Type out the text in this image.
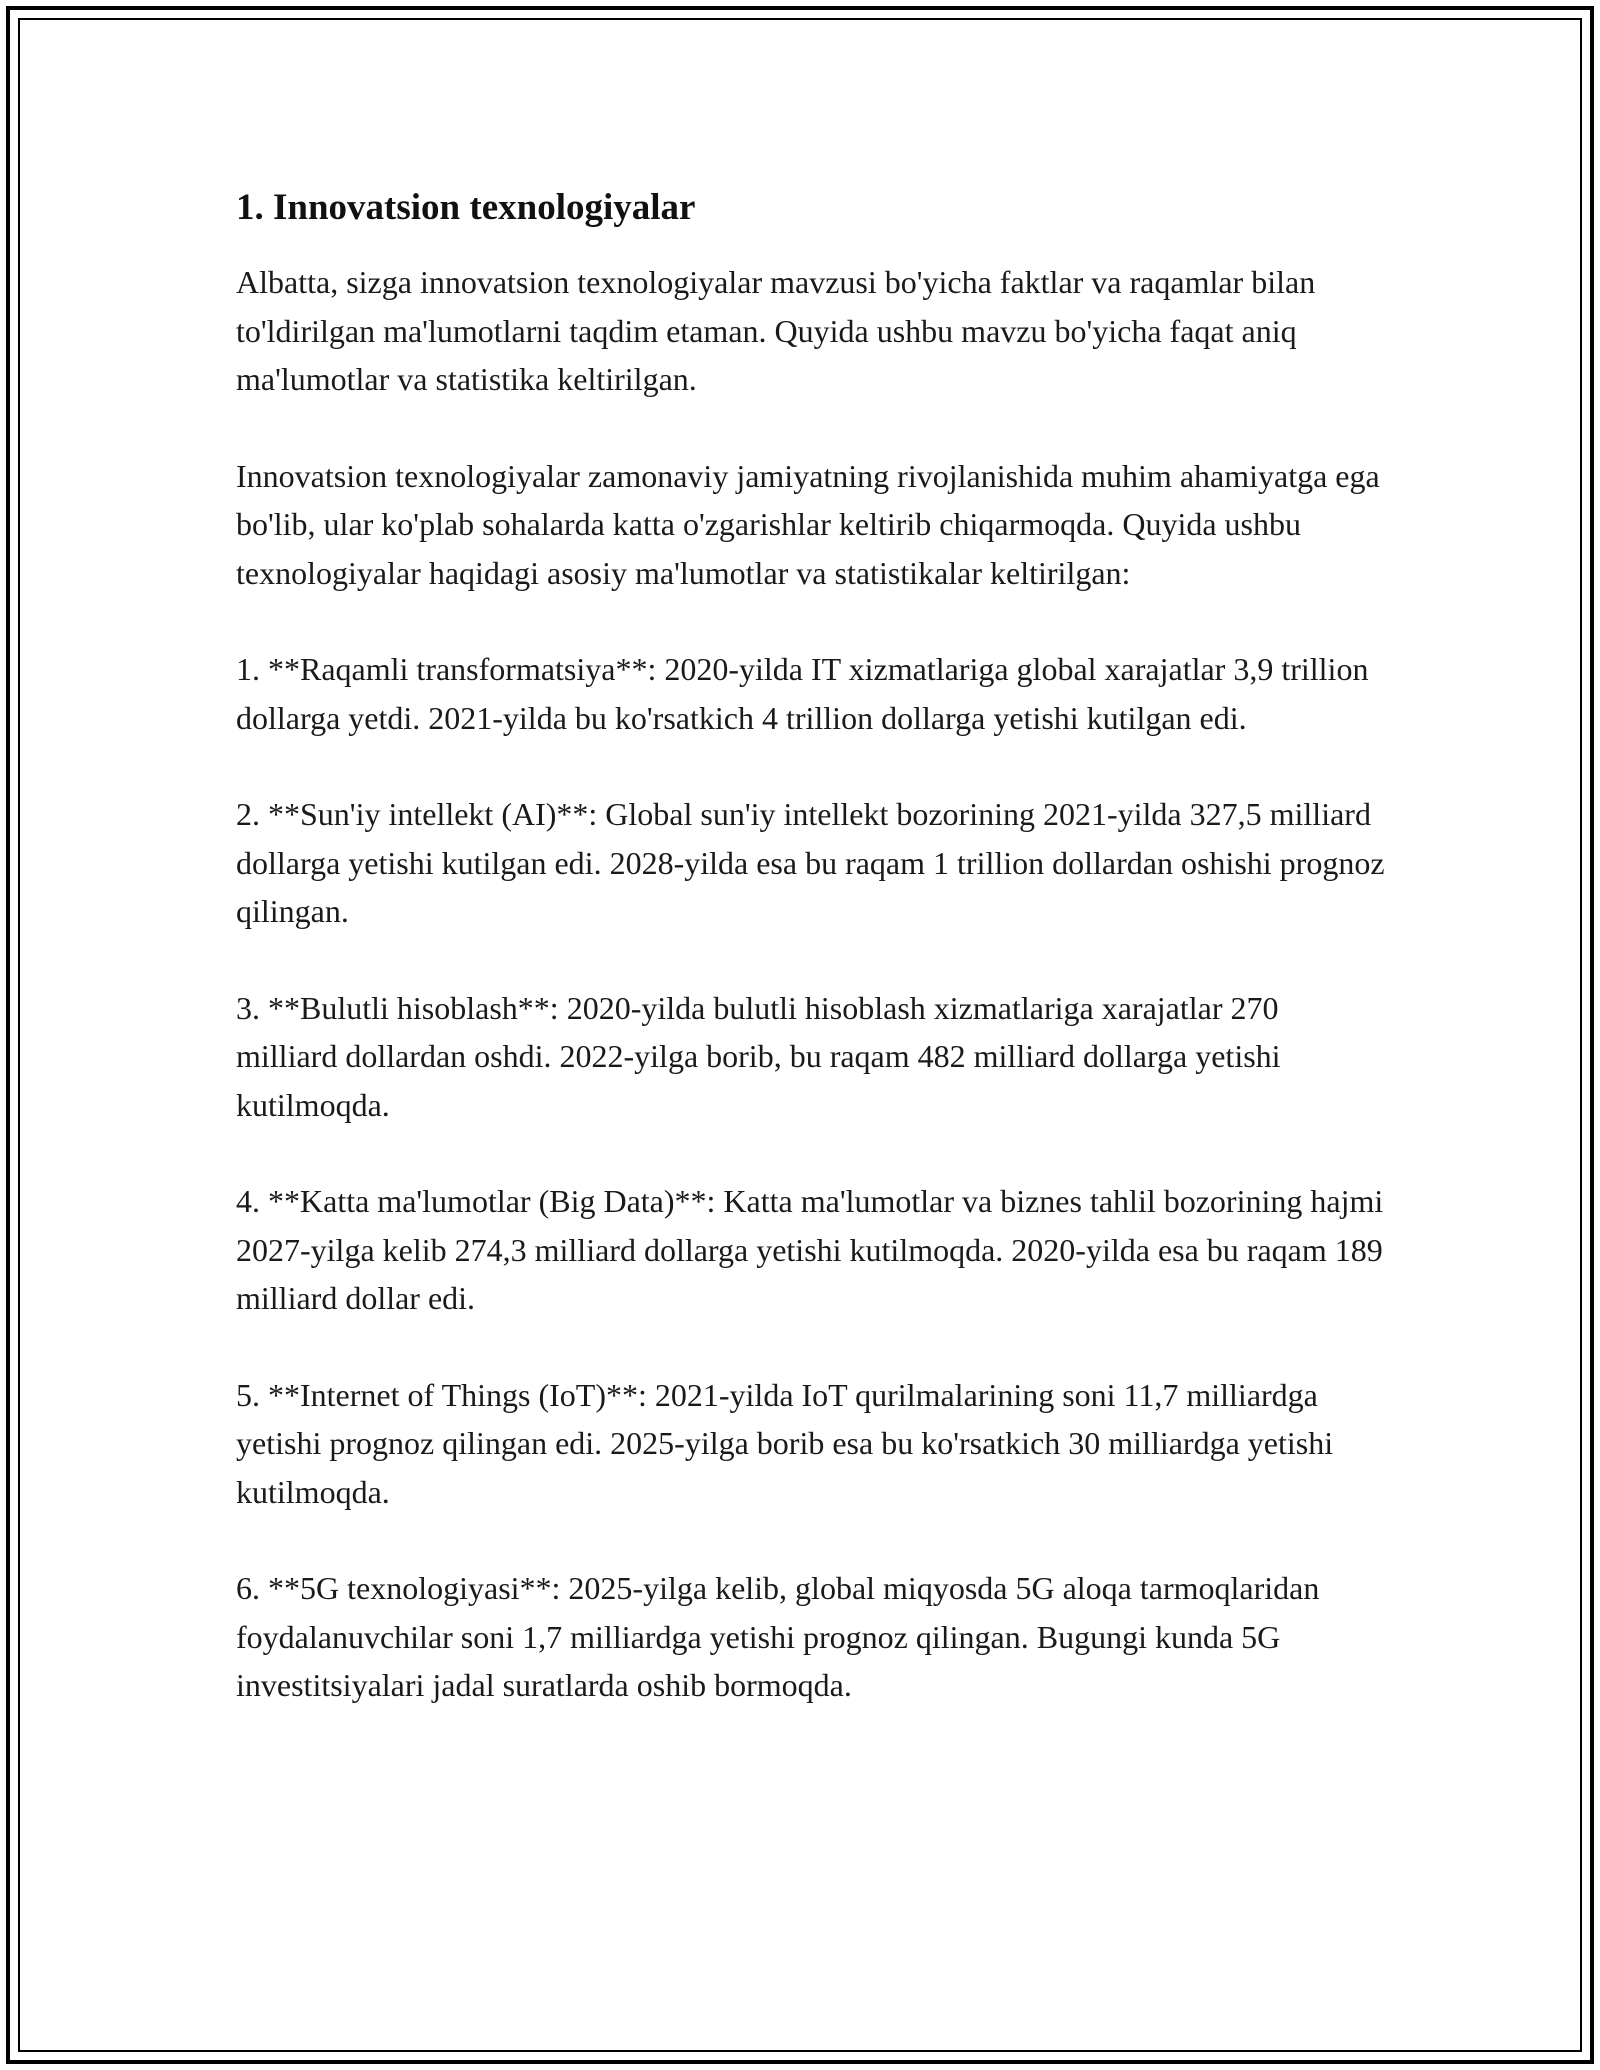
1. Innovatsion texnologiyalar

Albatta, sizga innovatsion texnologiyalar mavzusi bo'yicha faktlar va raqamlar bilan to'ldirilgan ma'lumotlarni taqdim etaman. Quyida ushbu mavzu bo'yicha faqat aniq ma'lumotlar va statistika keltirilgan.

Innovatsion texnologiyalar zamonaviy jamiyatning rivojlanishida muhim ahamiyatga ega bo'lib, ular ko'plab sohalarda katta o'zgarishlar keltirib chiqarmoqda. Quyida ushbu texnologiyalar haqidagi asosiy ma'lumotlar va statistikalar keltirilgan:

1. **Raqamli transformatsiya**: 2020-yilda IT xizmatlariga global xarajatlar 3,9 trillion dollarga yetdi. 2021-yilda bu ko'rsatkich 4 trillion dollarga yetishi kutilgan edi.

2. **Sun'iy intellekt (AI)**: Global sun'iy intellekt bozorining 2021-yilda 327,5 milliard dollarga yetishi kutilgan edi. 2028-yilda esa bu raqam 1 trillion dollardan oshishi prognoz qilingan.

3. **Bulutli hisoblash**: 2020-yilda bulutli hisoblash xizmatlariga xarajatlar 270 milliard dollardan oshdi. 2022-yilga borib, bu raqam 482 milliard dollarga yetishi kutilmoqda.

4. **Katta ma'lumotlar (Big Data)**: Katta ma'lumotlar va biznes tahlil bozorining hajmi 2027-yilga kelib 274,3 milliard dollarga yetishi kutilmoqda. 2020-yilda esa bu raqam 189 milliard dollar edi.

5. **Internet of Things (IoT)**: 2021-yilda IoT qurilmalarining soni 11,7 milliardga yetishi prognoz qilingan edi. 2025-yilga borib esa bu ko'rsatkich 30 milliardga yetishi kutilmoqda.

6. **5G texnologiyasi**: 2025-yilga kelib, global miqyosda 5G aloqa tarmoqlaridan foydalanuvchilar soni 1,7 milliardga yetishi prognoz qilingan. Bugungi kunda 5G investitsiyalari jadal suratlarda oshib bormoqda.
